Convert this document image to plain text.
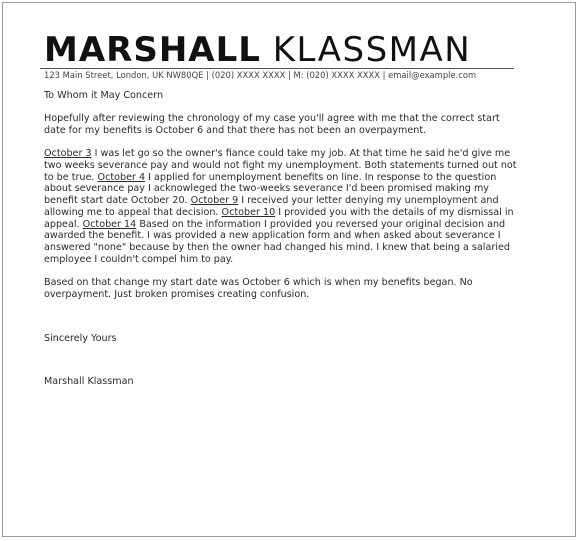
MARSHALL KLASSMAN
123 Main Street, London, UK NW80QE | (020) XXXX XXXX | M: (020) XXXX XXXX | email@example.com

To Whom it May Concern

Hopefully after reviewing the chronology of my case you'll agree with me that the correct start date for my benefits is October 6 and that there has not been an overpayment.

October 3 I was let go so the owner's fiance could take my job. At that time he said he'd give me two weeks severance pay and would not fight my unemployment. Both statements turned out not to be true. October 4 I applied for unemployment benefits on line. In response to the question about severance pay I acknowleged the two-weeks severance I'd been promised making my benefit start date October 20. October 9 I received your letter denying my unemployment and allowing me to appeal that decision. October 10 I provided you with the details of my dismissal in appeal. October 14 Based on the information I provided you reversed your original decision and awarded the benefit. I was provided a new application form and when asked about severance I answered "none" because by then the owner had changed his mind. I knew that being a salaried employee I couldn't compel him to pay.

Based on that change my start date was October 6 which is when my benefits began. No overpayment. Just broken promises creating confusion.

Sincerely Yours
Marshall Klassman
